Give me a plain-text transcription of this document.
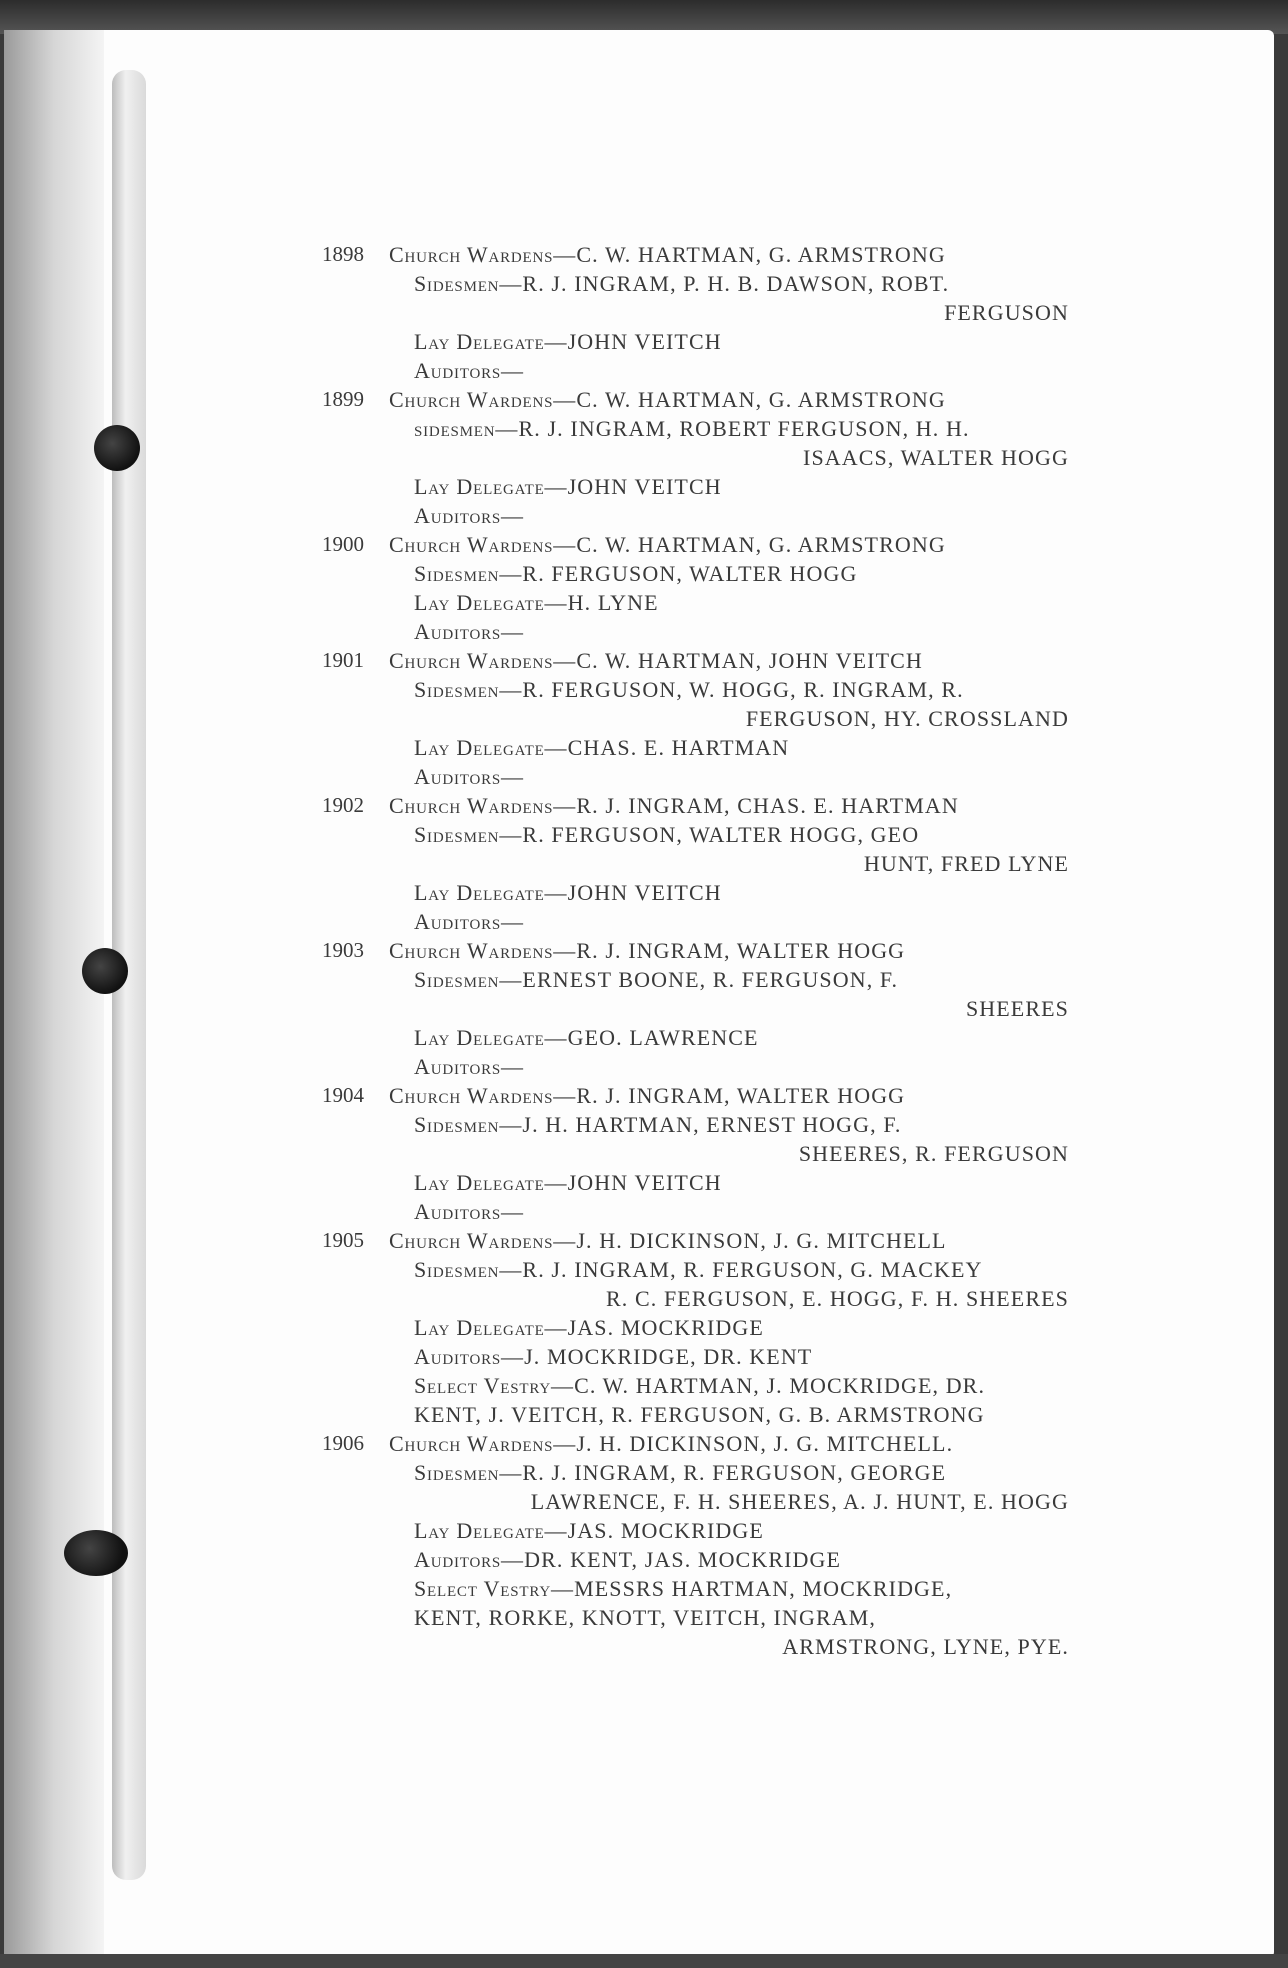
1898	Church Wardens—C. W. HARTMAN, G. ARMSTRONG
Sidesmen—R. J. INGRAM, P. H. B. DAWSON, ROBT.
FERGUSON
Lay Delegate—JOHN VEITCH
Auditors—
1899	Church Wardens—C. W. HARTMAN, G. ARMSTRONG
sidesmen—R. J. INGRAM, ROBERT FERGUSON, H. H.
ISAACS, WALTER HOGG
Lay Delegate—JOHN VEITCH
Auditors—
1900	Church Wardens—C. W. HARTMAN, G. ARMSTRONG
Sidesmen—R. FERGUSON, WALTER HOGG
Lay Delegate—H. LYNE
Auditors—
1901	Church Wardens—C. W. HARTMAN, JOHN VEITCH
Sidesmen—R. FERGUSON, W. HOGG, R. INGRAM, R.
FERGUSON, HY. CROSSLAND
Lay Delegate—CHAS. E. HARTMAN
Auditors—
1902	Church Wardens—R. J. INGRAM, CHAS. E. HARTMAN
Sidesmen—R. FERGUSON, WALTER HOGG, GEO
HUNT, FRED LYNE
Lay Delegate—JOHN VEITCH
Auditors—
1903	Church Wardens—R. J. INGRAM, WALTER HOGG
Sidesmen—ERNEST BOONE, R. FERGUSON, F.
SHEERES
Lay Delegate—GEO. LAWRENCE
Auditors—
1904	Church Wardens—R. J. INGRAM, WALTER HOGG
Sidesmen—J. H. HARTMAN, ERNEST HOGG, F.
SHEERES, R. FERGUSON
Lay Delegate—JOHN VEITCH
Auditors—
1905	Church Wardens—J. H. DICKINSON, J. G. MITCHELL
Sidesmen—R. J. INGRAM, R. FERGUSON, G. MACKEY
R. C. FERGUSON, E. HOGG, F. H. SHEERES
Lay Delegate—JAS. MOCKRIDGE
Auditors—J. MOCKRIDGE, DR. KENT
Select Vestry—C. W. HARTMAN, J. MOCKRIDGE, DR.
KENT, J. VEITCH, R. FERGUSON, G. B. ARMSTRONG
1906	Church Wardens—J. H. DICKINSON, J. G. MITCHELL.
Sidesmen—R. J. INGRAM, R. FERGUSON, GEORGE
LAWRENCE, F. H. SHEERES, A. J. HUNT, E. HOGG
Lay Delegate—JAS. MOCKRIDGE
Auditors—DR. KENT, JAS. MOCKRIDGE
Select Vestry—MESSRS HARTMAN, MOCKRIDGE,
KENT, RORKE, KNOTT, VEITCH, INGRAM,
ARMSTRONG, LYNE, PYE.
